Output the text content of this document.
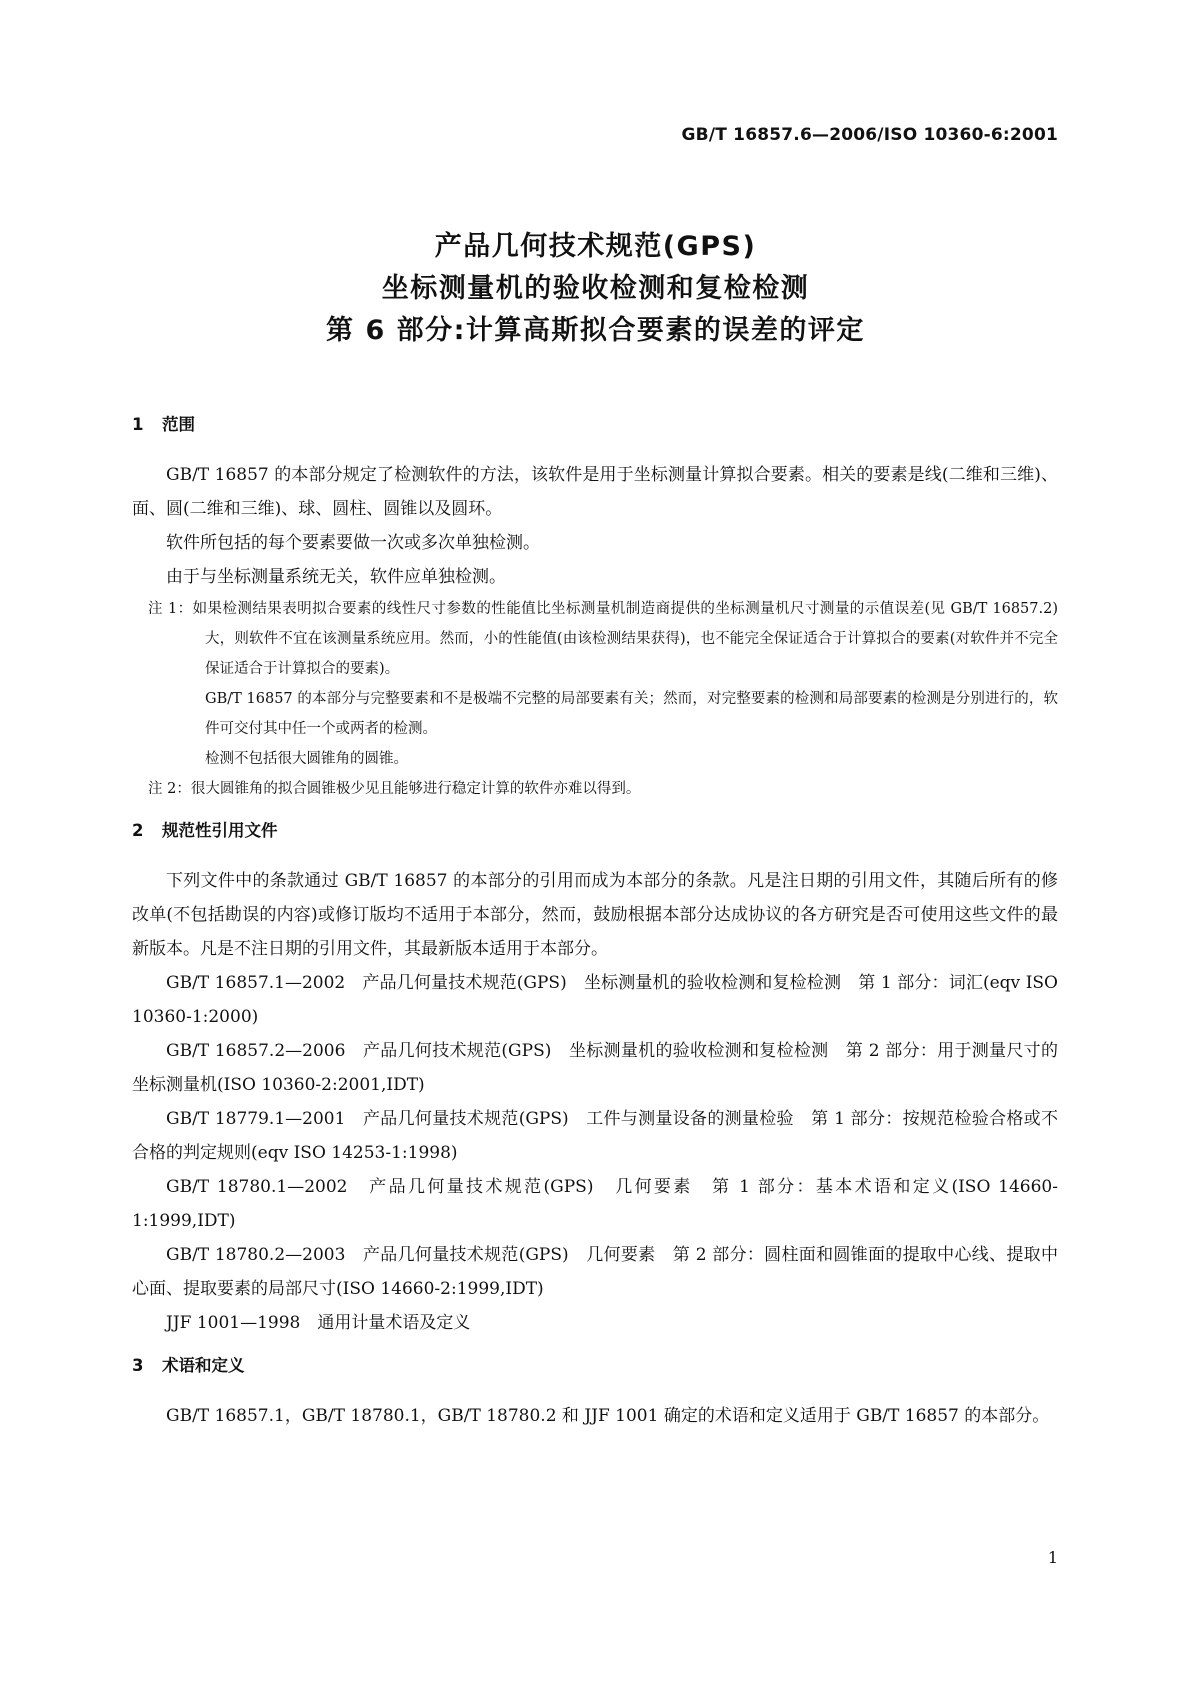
GB/T 16857.6—2006/ISO 10360-6:2001
产品几何技术规范(GPS)
坐标测量机的验收检测和复检检测
第 6 部分:计算高斯拟合要素的误差的评定
1 范围

GB/T 16857 的本部分规定了检测软件的方法，该软件是用于坐标测量计算拟合要素。相关的要素是线(二维和三维)、面、圆(二维和三维)、球、圆柱、圆锥以及圆环。

软件所包括的每个要素要做一次或多次单独检测。

由于与坐标测量系统无关，软件应单独检测。

注 1：如果检测结果表明拟合要素的线性尺寸参数的性能值比坐标测量机制造商提供的坐标测量机尺寸测量的示值误差(见 GB/T 16857.2)大，则软件不宜在该测量系统应用。然而，小的性能值(由该检测结果获得)，也不能完全保证适合于计算拟合的要素(对软件并不完全保证适合于计算拟合的要素)。

GB/T 16857 的本部分与完整要素和不是极端不完整的局部要素有关；然而，对完整要素的检测和局部要素的检测是分别进行的，软件可交付其中任一个或两者的检测。

检测不包括很大圆锥角的圆锥。

注 2：很大圆锥角的拟合圆锥极少见且能够进行稳定计算的软件亦难以得到。

2 规范性引用文件

下列文件中的条款通过 GB/T 16857 的本部分的引用而成为本部分的条款。凡是注日期的引用文件，其随后所有的修改单(不包括勘误的内容)或修订版均不适用于本部分，然而，鼓励根据本部分达成协议的各方研究是否可使用这些文件的最新版本。凡是不注日期的引用文件，其最新版本适用于本部分。

GB/T 16857.1—2002　产品几何量技术规范(GPS)　坐标测量机的验收检测和复检检测　第 1 部分：词汇(eqv ISO 10360-1:2000)

GB/T 16857.2—2006　产品几何技术规范(GPS)　坐标测量机的验收检测和复检检测　第 2 部分：用于测量尺寸的坐标测量机(ISO 10360-2:2001,IDT)

GB/T 18779.1—2001　产品几何量技术规范(GPS)　工件与测量设备的测量检验　第 1 部分：按规范检验合格或不合格的判定规则(eqv ISO 14253-1:1998)

GB/T 18780.1—2002　产品几何量技术规范(GPS)　几何要素　第 1 部分：基本术语和定义(ISO 14660-1:1999,IDT)

GB/T 18780.2—2003　产品几何量技术规范(GPS)　几何要素　第 2 部分：圆柱面和圆锥面的提取中心线、提取中心面、提取要素的局部尺寸(ISO 14660-2:1999,IDT)

JJF 1001—1998　通用计量术语及定义

3 术语和定义

GB/T 16857.1，GB/T 18780.1，GB/T 18780.2 和 JJF 1001 确定的术语和定义适用于 GB/T 16857 的本部分。

1
